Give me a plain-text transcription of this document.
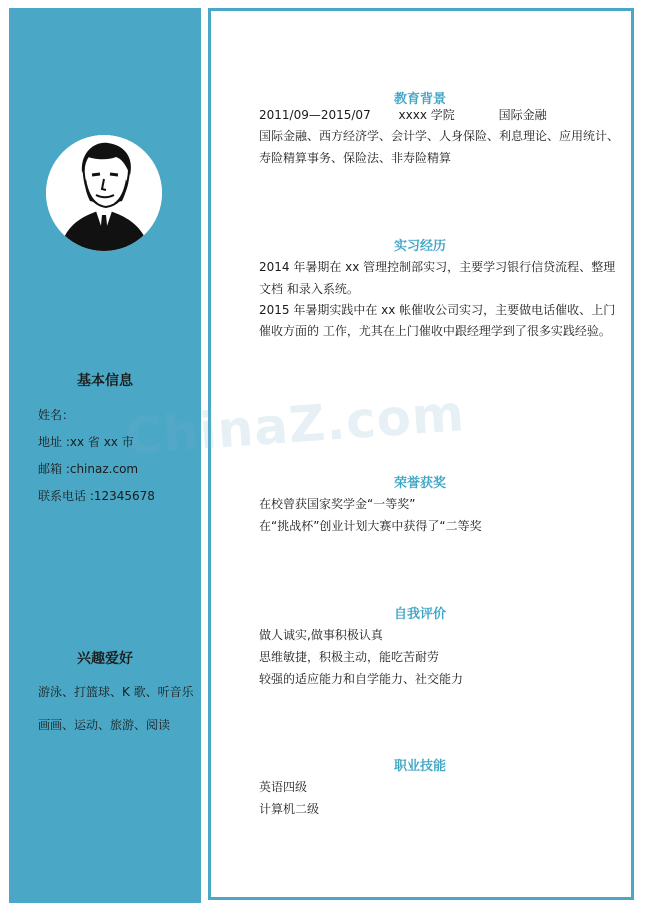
ChinaZ.com
基本信息
姓名：
地址 :xx 省 xx 市
邮箱 :chinaz.com
联系电话 :12345678
兴趣爱好
游泳、打篮球、K 歌、听音乐
画画、运动、旅游、阅读
教育背景
2011/09—2015/07 xxxx 学院	国际金融
国际金融、西方经济学、会计学、人身保险、利息理论、应用统计、
寿险精算事务、保险法、非寿险精算
实习经历
2014 年暑期在 xx 管理控制部实习，主要学习银行信贷流程、整理
文档 和录入系统。
2015 年暑期实践中在 xx 帐催收公司实习，主要做电话催收、上门
催收方面的 工作，尤其在上门催收中跟经理学到了很多实践经验。
荣誉获奖
在校曾获国家奖学金“一等奖”
在“挑战杯”创业计划大赛中获得了“二等奖
自我评价
做人诚实,做事积极认真
思维敏捷，积极主动，能吃苦耐劳
较强的适应能力和自学能力、社交能力
职业技能
英语四级
计算机二级
